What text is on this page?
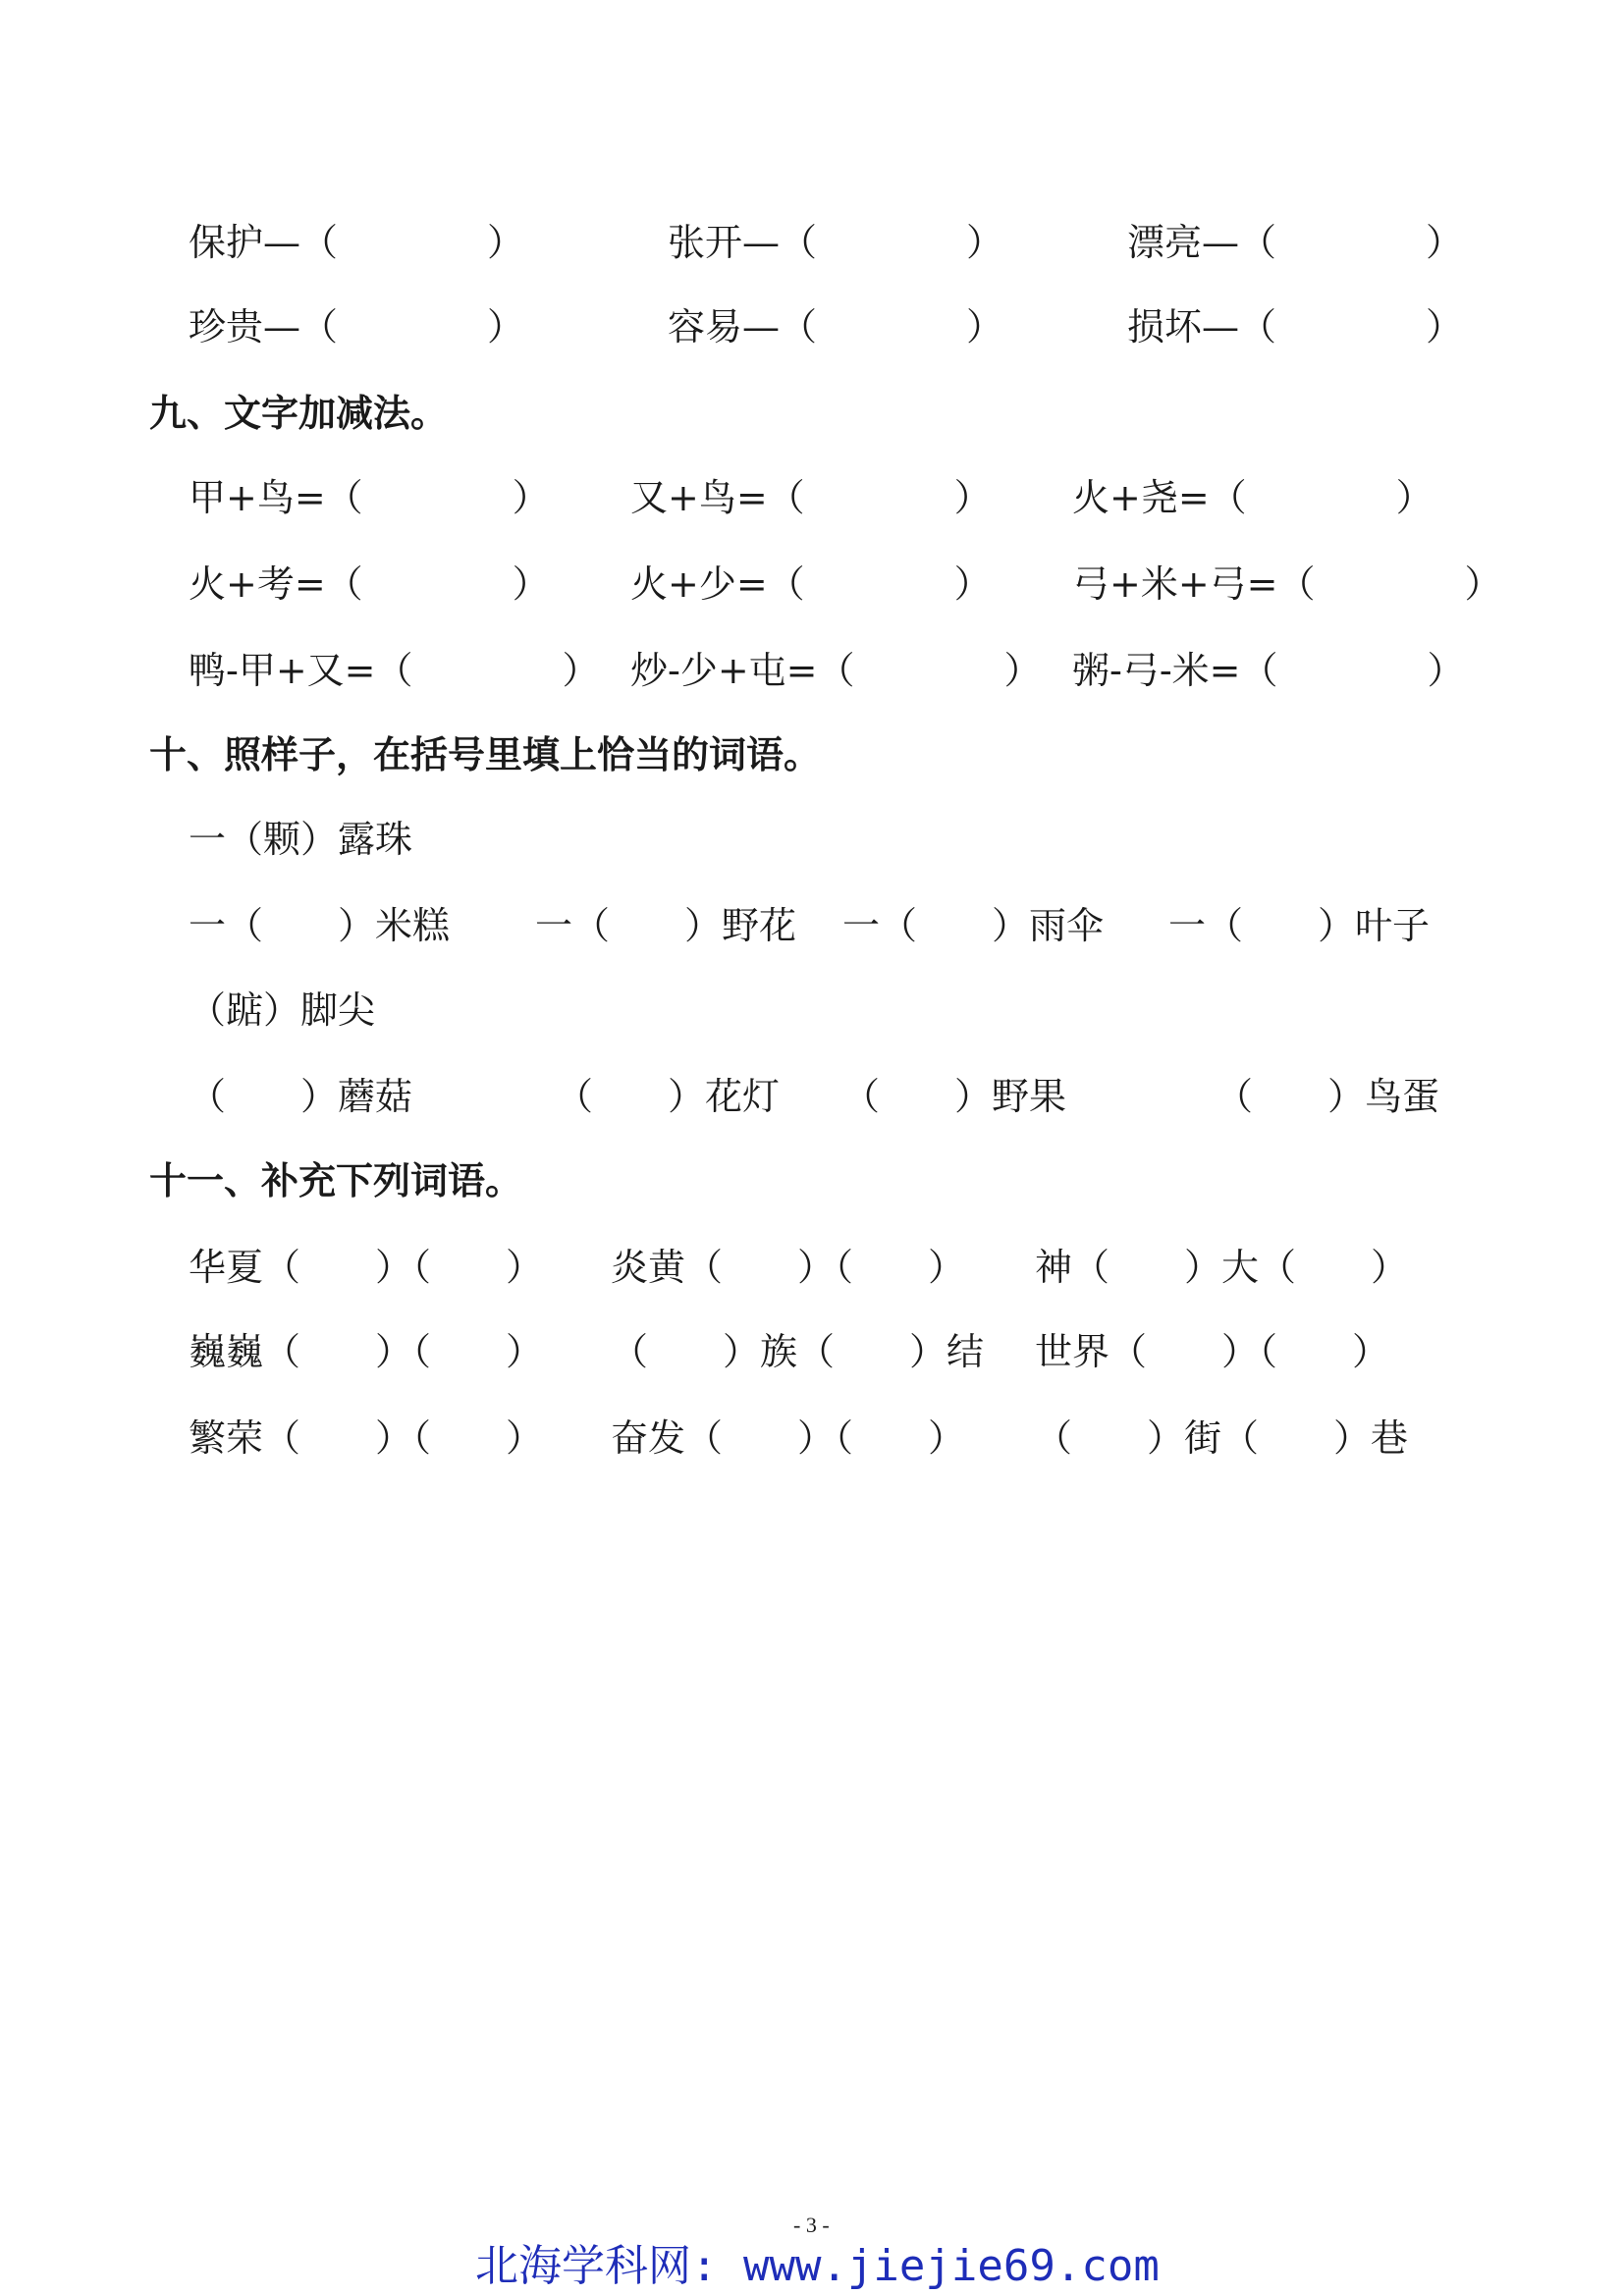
保护—（　　　　）	张开—（　　　　）	漂亮—（　　　　）
珍贵—（　　　　）	容易—（　　　　）	损坏—（　　　　）
九、文字加减法。
甲+鸟=（　　　　） 又+鸟=（　　　　） 火+尧=（　　　　）
火+考=（　　　　） 火+少=（　　　　） 弓+米+弓=（　　　　）
鸭-甲+又=（　　　　） 炒-少+屯=（　　　　） 粥-弓-米=（　　　　）
十、照样子，在括号里填上恰当的词语。
一（颗）露珠
一（　　）米糕 一（　　）野花 一（　　）雨伞 一（　　）叶子
（踮）脚尖
（　　）蘑菇	（　　）花灯 （　　）野果	（　　）鸟蛋
十一、补充下列词语。
华夏（　　）（　　） 炎黄（　　）（　　） 神（　　）大（　　）
巍巍（　　）（　　） （　　）族（　　）结 世界（　　）（　　）
繁荣（　　）（　　） 奋发（　　）（　　） （　　）街（　　）巷
- 3 -
北海学科网: www.jiejie69.com
